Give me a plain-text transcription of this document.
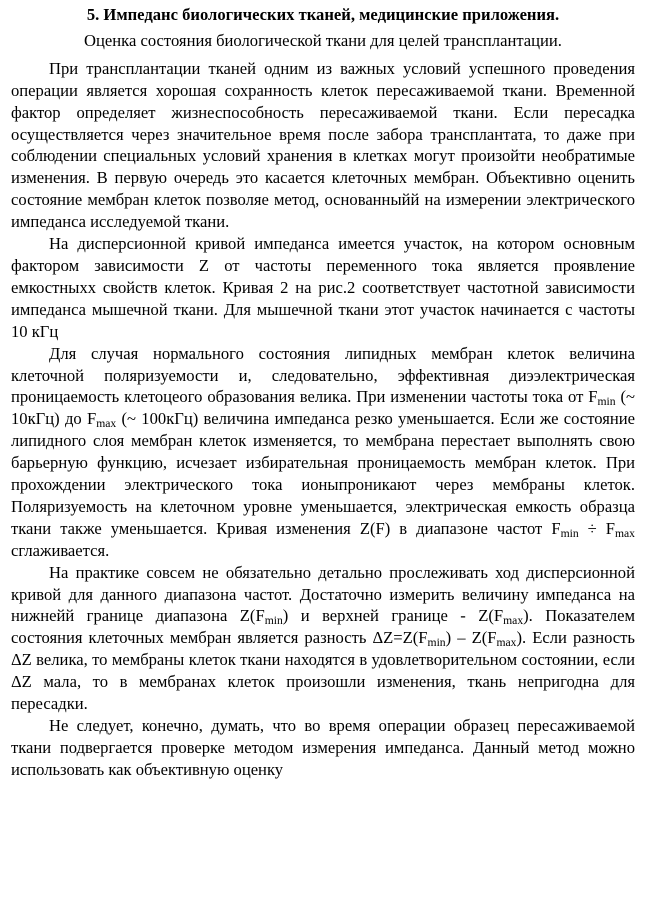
5. Импеданс биологических тканей, медицинские приложения.
Оценка состояния биологической ткани для целей трансплантации.

При трансплантации тканей одним из важных условий успешного проведения операции является хорошая сохранность клеток пересаживаемой ткани. Временной фактор определяет жизнеспособность пересаживаемой ткани. Если пересадка осуществляется через значительное время после забора трансплантата, то даже при соблюдении специальных условий хранения в клетках могут произойти необратимые изменения. В первую очередь это касается клеточных мембран. Объективно оценить состояние мембран клеток позволяе метод, основанныйй на измерении электрического импеданса исследуемой ткани.

На дисперсионной кривой импеданса имеется участок, на котором основным фактором зависимости Z от частоты переменного тока является проявление емкостныхх свойств клеток. Кривая 2 на рис.2 соответствует частотной зависимости импеданса мышечной ткани. Для мышечной ткани этот участок начинается с частоты 10 кГц

Для случая нормального состояния липидных мембран клеток величина клеточной поляризуемости и, следовательно, эффективная диээлектрическая проницаемость клетоцеого образования велика. При изменении частоты тока от $F_{min}$ (~ 10кГц) до $F_{max}$ (~ 100кГц) величина импеданса резко уменьшается. Если же состояние липидного слоя мембран клеток изменяется, то мембрана перестает выполнять свою барьерную функцию, исчезает избирательная проницаемость мембран клеток. При прохождении электрического тока ионыпроникают через мембраны клеток. Поляризуемость на клеточном уровне уменьшается, электрическая емкость образца ткани также уменьшается. Кривая изменения Z(F) в диапазоне частот $F_{min} \div F_{max}$ сглаживается.

На практике совсем не обязательно детально прослеживать ход дисперсионной кривой для данного диапазона частот. Достаточно измерить величину импеданса на нижнейй границе диапазона $Z(F_{min})$ и верхней границе - $Z(F_{max})$. Показателем состояния клеточных мембран является разность $\Delta Z=Z(F_{min}) - Z(F_{max})$. Если разность ΔZ велика, то мембраны клеток ткани находятся в удовлетворительном состоянии, если ΔZ мала, то в мембранах клеток произошли изменения, ткань непригодна для пересадки.

Не следует, конечно, думать, что во время операции образец пересаживаемой ткани подвергается проверке методом измерения импеданса. Данный метод можно использовать как объективную оценку
